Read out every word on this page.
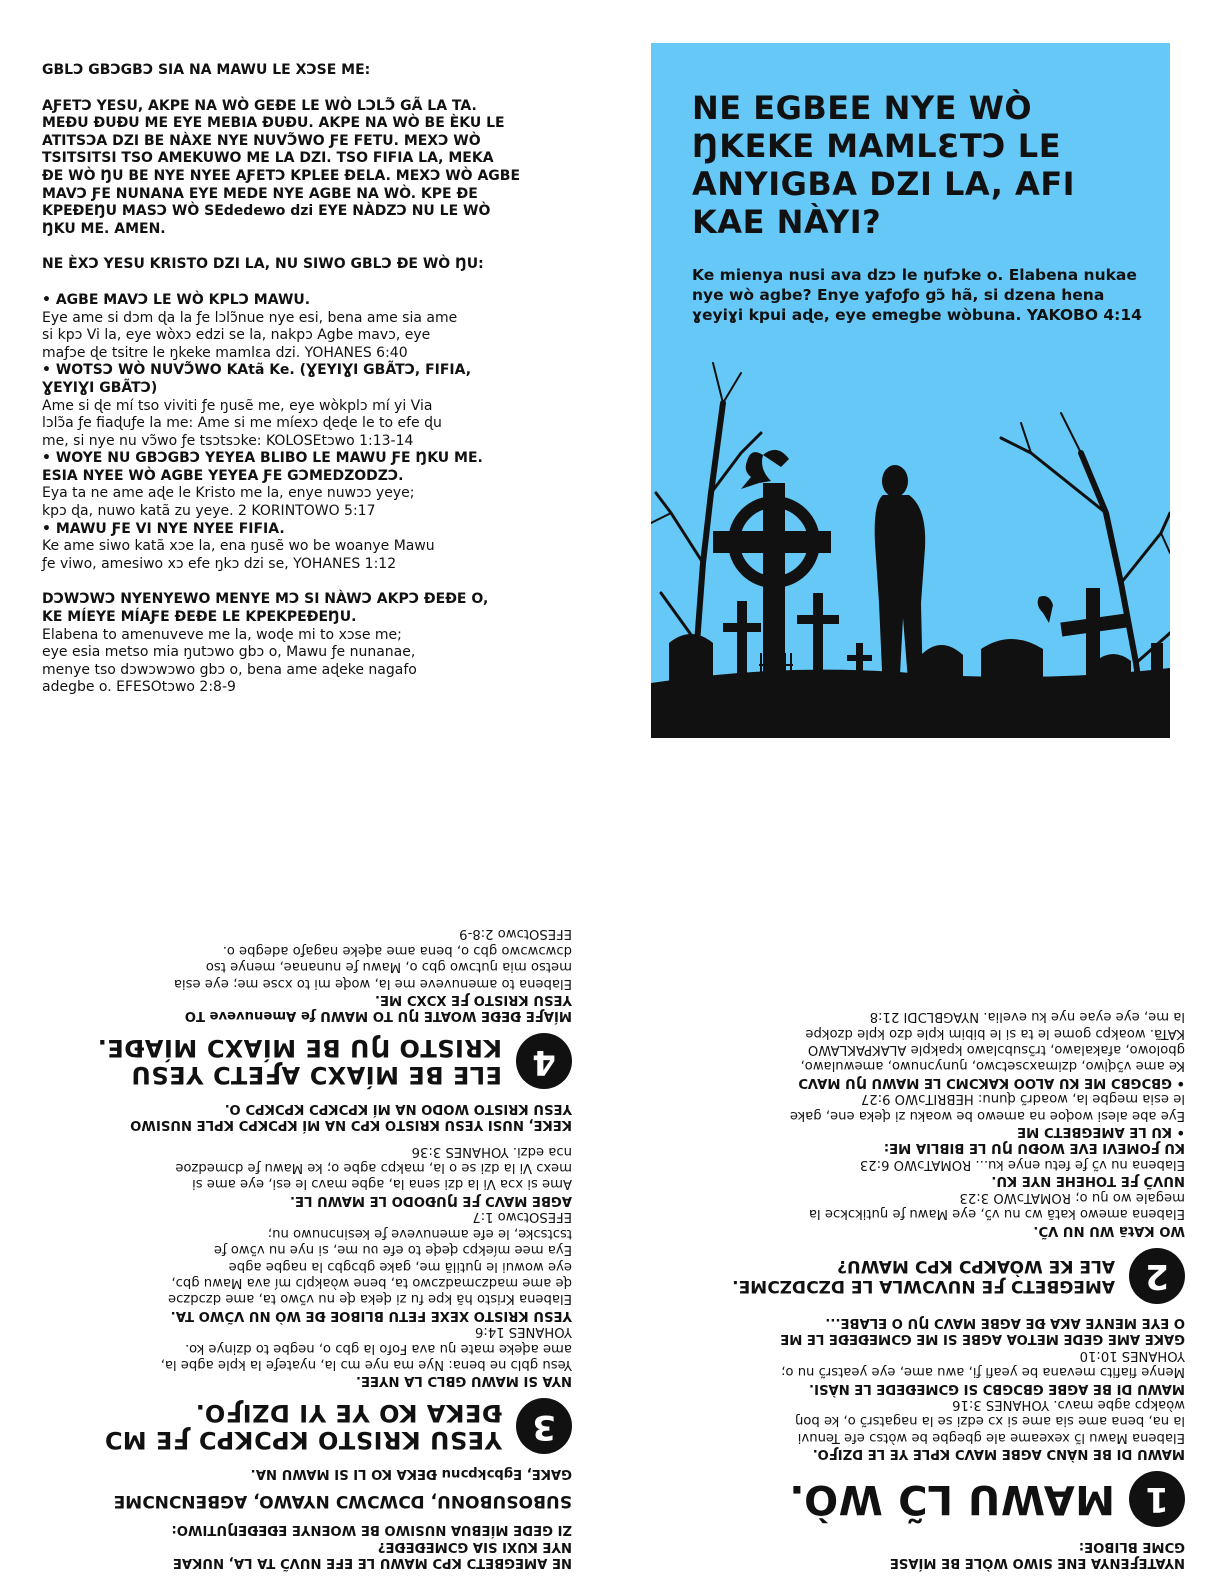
GBLƆ GBƆGBƆ SIA NA MAWU LE XƆSE ME:

AƑETƆ YESU, AKPE NA WÒ GEÐE LE WÒ LƆLƆ̃ GÃ LA TA.
MEÐU ÐUÐU ME EYE MEBIA ÐUÐU. AKPE NA WÒ BE ÈKU LE
ATITSƆA DZI BE NÀXE NYE NUVƆ̃WO ƑE FETU. MEXƆ WÒ
TSITSITSI TSO AMEKUWO ME LA DZI. TSO FIFIA LA, MEKA
ÐE WÒ ŊU BE NYE NYEE AƑETƆ KPLEE ÐELA. MEXƆ WÒ AGBE
MAVƆ ƑE NUNANA EYE MEDE NYE AGBE NA WÒ. KPE ÐE
KPEÐEŊU MASƆ WÒ SEdedewo dzi EYE NÀDZƆ NU LE WÒ
ŊKU ME. AMEN.

NE ÈXƆ YESU KRISTO DZI LA, NU SIWO GBLƆ ÐE WÒ ŊU:

• AGBE MAVƆ LE WÒ KPLƆ MAWU.
Eye ame si dɔm ɖa la ƒe lɔlɔ̃nue nye esi, bena ame sia ame
si kpɔ Vi la, eye wòxɔ edzi se la, nakpɔ Agbe mavɔ, eye
maƒɔe ɖe tsitre le ŋkeke mamlɛa dzi. YOHANES 6:40
• WOTSƆ WÒ NUVƆ̃WO KAtã Ke. (ƔEYIƔI GBÃTƆ, FIFIA,
ƔEYIƔI GBÃTƆ)
Ame si ɖe mí tso viviti ƒe ŋusẽ me, eye wòkplɔ mí yi Via
lɔlɔ̃a ƒe fiaɖuƒe la me: Ame si me míexɔ ɖeɖe le to efe ɖu
me, si nye nu vɔ̃wo ƒe tsɔtsɔke: KOLOSEtɔwo 1:13-14
• WOYE NU GBƆGBƆ YEYEA BLIBO LE MAWU ƑE ŊKU ME.
ESIA NYEE WÒ AGBE YEYEA ƑE GƆMEDZODZƆ.
Eya ta ne ame aɖe le Kristo me la, enye nuwɔɔ yeye;
kpɔ ɖa, nuwo katã zu yeye. 2 KORINTOWO 5:17
• MAWU ƑE VI NYE NYEE FIFIA.
Ke ame siwo katã xɔe la, ena ŋusẽ wo be woanye Mawu
ƒe viwo, amesiwo xɔ efe ŋkɔ dzi se, YOHANES 1:12

DƆWƆWƆ NYENYEWO MENYE MƆ SI NÀWƆ AKPƆ ÐEÐE O,
KE MÍEYE MÍAƑE ÐEÐE LE KPEKPEÐEŊU.
Elabena to amenuveve me la, woɖe mi to xɔse me;
eye esia metso mia ŋutɔwo gbɔ o, Mawu ƒe nunanae,
menye tso dɔwɔwɔwo gbɔ o, bena ame aɖeke nagafo
adegbe o. EFESOtɔwo 2:8-9

NE EGBEE NYE WÒ ŊKEKE MAMLƐTƆ LE ANYIGBA DZI LA, AFI KAE NÀYI?
Ke mienya nusi ava dzɔ le ŋufɔke o. Elabena nukae nye wò agbe? Enye yaƒoƒo gɔ̃ hã, si dzena hena ɣeyiɣi kpui aɖe, eye emegbe wòbuna. YAKOBO 4:14
NE AMEGBETƆ KPƆ MAWU LE EFE NUVƆ̃ TA LA, NUKAE
NYE KUXI SIA GƆMEÐEÐE?
ZI GEDE MÍEBUA NUSIWO BE WOENYE EÐEÐEŊUTIWO:
SUBOSUBONU, DƆWƆWƆ NYAWO, AGBENƆNƆME
GAKE, Egbɔkpɔnu ÐEKA KO LI SI MAWU NA.
3
YESU KRISTO KPƆKPƆ ƑE MƆ ÐEKA KO YE YI DZIƑO.
NYA SI MAWU GBLƆ LA NYEE.
Yesu gblɔ ne bena: Nye ma nye mɔ la, nyateƒe la kple agbe la,
ame aɖeke mate ŋu ava Fofo la gbɔ o, negbe to dzinye ko.
YOHANES 14:6
YESU KRISTO XEXE FETU BLIBOE ÐE WÒ NU VƆ̃WO TA.
Elabena Kristo hã kpe fu zi ɖeka ɖe nu vɔ̃wo ta, ame dzɔdzɔe
ɖe ame madzɔmadzɔwo ta, bene wòakplɔ mí ava Mawu gbɔ,
eye wowui le ŋutilã me, gake gbɔgbɔ la nagbe agbe
Eya mee míekpɔ ɖeɖe to efe ʋu me, si nye nu vɔ̃wo ƒe
tsɔtsɔke, le efe amenuveve ƒe kesinɔnuwo nu;
EFESOtɔwo 1:7
AGBE MAVƆ ƑE ŊUÐODO LE MAWU LE.
Ame si xɔa Vi la dzi sena la, agbe mavɔ le esi, eye ame si
mexɔ Vi la dzi se o la, makpɔ agbe o; ke Mawu ƒe dɔmedzoe
nɔa edzi. YOHANES 3:36
KEKE, NUSI YESU KRISTO KPƆ NA MÍ KPƆKPƆ KPLE NUSIWO
YESU KRISTO WODO NA MÍ KPƆKPƆ KPƆKPƆ O.
4
ELE BE MÍAXƆ AƑETƆ YESU KRISTO ŊU BE MÍAXƆ MÍAÐE.
MÍAƑE ÐEÐE WOATE ŊU TO MAWU ƒe Amenuveve TO
YESU KRISTO ƑE XƆXƆ ME.
Elabena to amenuveve me la, woɖe mi to xɔse me; eye esia
metso mia ŋutɔwo gbɔ o, Mawu ƒe nunanae, menye tso
dɔwɔwɔwo gbɔ o, bena ame aɖeke nagaƒo adegbe o.
EFESOtɔwo 2:8-9
NYATEƑENYA ENE SIWO WÒLE BE MÍASE
GƆME BLIBOE:
1
MAWU LƆ̃ WÒ.
MAWU DI BE NÀNƆ AGBE MAVƆ KPLE YE LE DZIƑO.
Elabena Mawu lɔ̃ xexeame ale gbegbe be wòtsɔ efe Tenuvi
la na, bena ame sia ame si xɔ edzi se la nagatsrɔ̃ o, ke boŋ
wòakpɔ agbe mavɔ. YOHANES 3:16
MAWU DI BE AGBE GBƆGBƆ SI GƆMEÐEDE LE NÀSI.
Menye fiafitɔ mevana be yeafi ƒi, awu ame, eye yeatsrɔ̃ nu o;
YOHANES 10:10
GAKE AME GEDE METOA AGBE SI ME GƆMEÐEÐE LE ME
O EYE MENYE AKA ÐE AGBE MAVƆ ŊU O ELABE...
2
AMEGBETƆ ƑE NUVƆWLA LE DZƆDZƆME.
ALE KE WÒAKPƆ KPƆ MAWU?
WO KAtã WU NU VƆ̃.
Elabena amewo katã wɔ nu vɔ̃, eye Mawu ƒe ŋutikɔkɔe la
megale wo ŋu o; ROMATɔWO 3:23
NUVƆ̃ ƑE TOHEHE NYE KU.
Elabena nu vɔ̃ ƒe fetu enye ku... ROMATɔWO 6:23
KU ƑOMEVI EVE WOÐU ŊU LE BIBLIA ME:
• KU LE AMEGBETƆ ME
Eye abe alesi woɖoe na amewo be woaku zi ɖeka ene, gake
le esia megbe la, woadrɔ̃ ɖunu: HEBRITɔWO 9:27
• GBƆGBƆ ME KU ALOO KAKƆMƆ LE MAWU ŊU MAVƆ
Ke ame vɔ̃ɖiwo, dzimaxɔsetɔwo, ŋunyɔnuwo, amewulawo,
gbolowo, afakalawo, trɔ̃subɔlawo kpakple ALAKPAKLAWO
KATã. woakpɔ gome le ta si le bibim kple dzo kple dzokpe
la me, eye eyae nye ku evelia. NYAGBLƆDI 21:8
